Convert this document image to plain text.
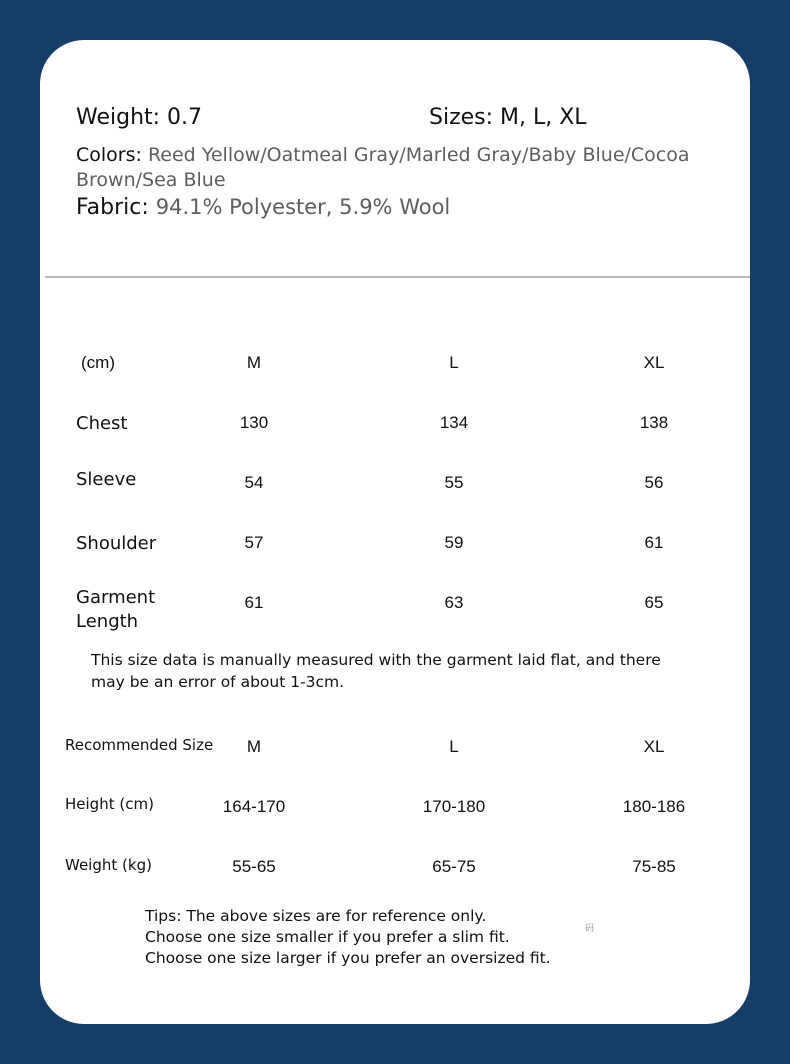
Weight: 0.7	Sizes: M, L, XL
Colors: Reed Yellow/Oatmeal Gray/Marled Gray/Baby Blue/Cocoa
Brown/Sea Blue
Fabric: 94.1% Polyester, 5.9% Wool
(cm)	M	L	XL
Chest	130	134	138
Sleeve	54	55	56
Shoulder	57	59	61
Garment
Length
61	63	65
This size data is manually measured with the garment laid flat, and there
may be an error of about 1-3cm.
Recommended Size M	L	XL
Height (cm)	164-170	170-180	180-186
Weight (kg)	55-65	65-75	75-85
Tips: The above sizes are for reference only.
Choose one size smaller if you prefer a slim fit.
Choose one size larger if you prefer an oversized fit.
码
